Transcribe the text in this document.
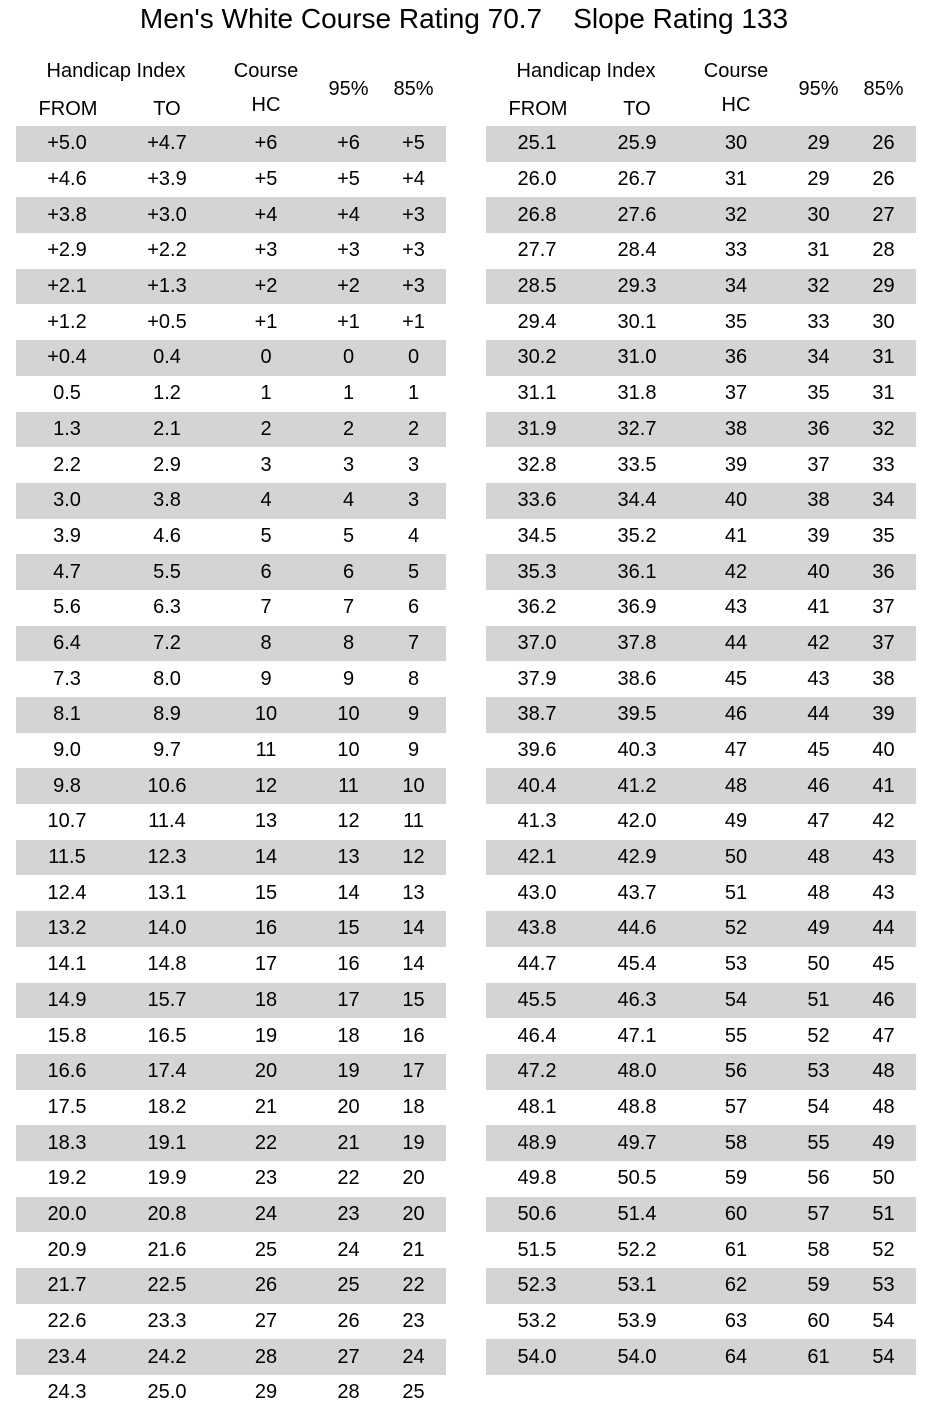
Men's White Course Rating 70.7    Slope Rating 133
Handicap Index
FROM	TO
Course
HC
95%	85%
+5.0	+4.7	+6	+6	+5
+4.6	+3.9	+5	+5	+4
+3.8	+3.0	+4	+4	+3
+2.9	+2.2	+3	+3	+3
+2.1	+1.3	+2	+2	+3
+1.2	+0.5	+1	+1	+1
+0.4	0.4	0	0	0
0.5	1.2	1	1	1
1.3	2.1	2	2	2
2.2	2.9	3	3	3
3.0	3.8	4	4	3
3.9	4.6	5	5	4
4.7	5.5	6	6	5
5.6	6.3	7	7	6
6.4	7.2	8	8	7
7.3	8.0	9	9	8
8.1	8.9	10	10	9
9.0	9.7	11	10	9
9.8	10.6	12	11	10
10.7	11.4	13	12	11
11.5	12.3	14	13	12
12.4	13.1	15	14	13
13.2	14.0	16	15	14
14.1	14.8	17	16	14
14.9	15.7	18	17	15
15.8	16.5	19	18	16
16.6	17.4	20	19	17
17.5	18.2	21	20	18
18.3	19.1	22	21	19
19.2	19.9	23	22	20
20.0	20.8	24	23	20
20.9	21.6	25	24	21
21.7	22.5	26	25	22
22.6	23.3	27	26	23
23.4	24.2	28	27	24
24.3	25.0	29	28	25
Handicap Index
FROM	TO
Course
HC
95%	85%
25.1	25.9	30	29	26
26.0	26.7	31	29	26
26.8	27.6	32	30	27
27.7	28.4	33	31	28
28.5	29.3	34	32	29
29.4	30.1	35	33	30
30.2	31.0	36	34	31
31.1	31.8	37	35	31
31.9	32.7	38	36	32
32.8	33.5	39	37	33
33.6	34.4	40	38	34
34.5	35.2	41	39	35
35.3	36.1	42	40	36
36.2	36.9	43	41	37
37.0	37.8	44	42	37
37.9	38.6	45	43	38
38.7	39.5	46	44	39
39.6	40.3	47	45	40
40.4	41.2	48	46	41
41.3	42.0	49	47	42
42.1	42.9	50	48	43
43.0	43.7	51	48	43
43.8	44.6	52	49	44
44.7	45.4	53	50	45
45.5	46.3	54	51	46
46.4	47.1	55	52	47
47.2	48.0	56	53	48
48.1	48.8	57	54	48
48.9	49.7	58	55	49
49.8	50.5	59	56	50
50.6	51.4	60	57	51
51.5	52.2	61	58	52
52.3	53.1	62	59	53
53.2	53.9	63	60	54
54.0	54.0	64	61	54
